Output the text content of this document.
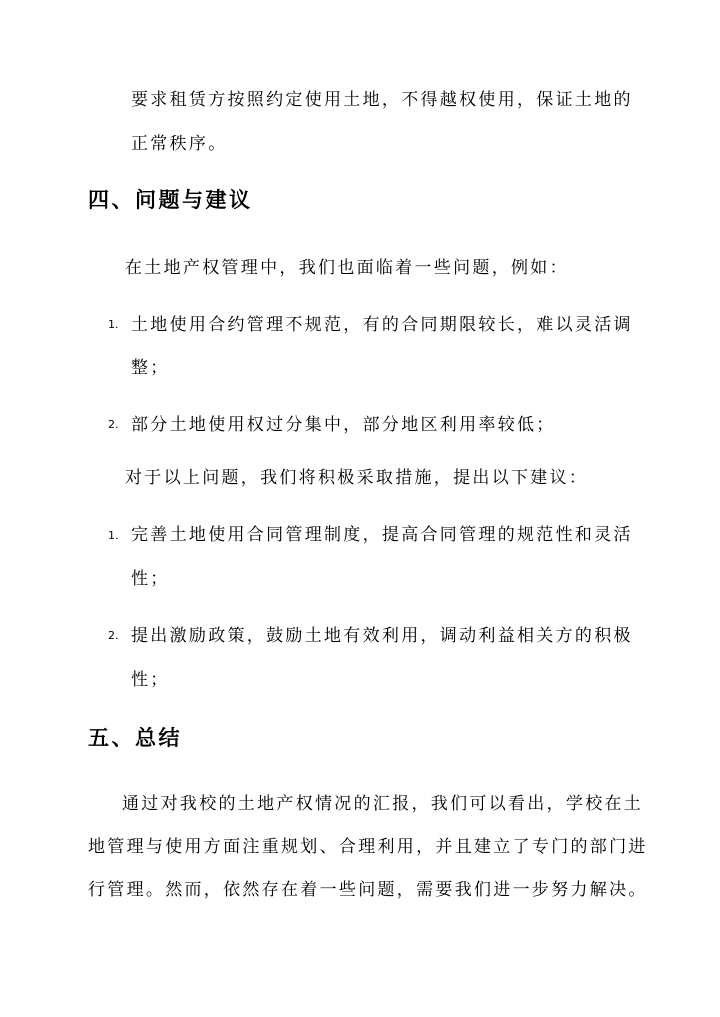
要求租赁方按照约定使用土地，不得越权使用，保证土地的
正常秩序。
四、问题与建议
在土地产权管理中，我们也面临着一些问题，例如：
1. 土地使用合约管理不规范，有的合同期限较长，难以灵活调
整；
2. 部分土地使用权过分集中，部分地区利用率较低；
对于以上问题，我们将积极采取措施，提出以下建议：
1. 完善土地使用合同管理制度，提高合同管理的规范性和灵活
性；
2. 提出激励政策，鼓励土地有效利用，调动利益相关方的积极
性；
五、总结
通过对我校的土地产权情况的汇报，我们可以看出，学校在土
地管理与使用方面注重规划、合理利用，并且建立了专门的部门进
行管理。然而，依然存在着一些问题，需要我们进一步努力解决。
